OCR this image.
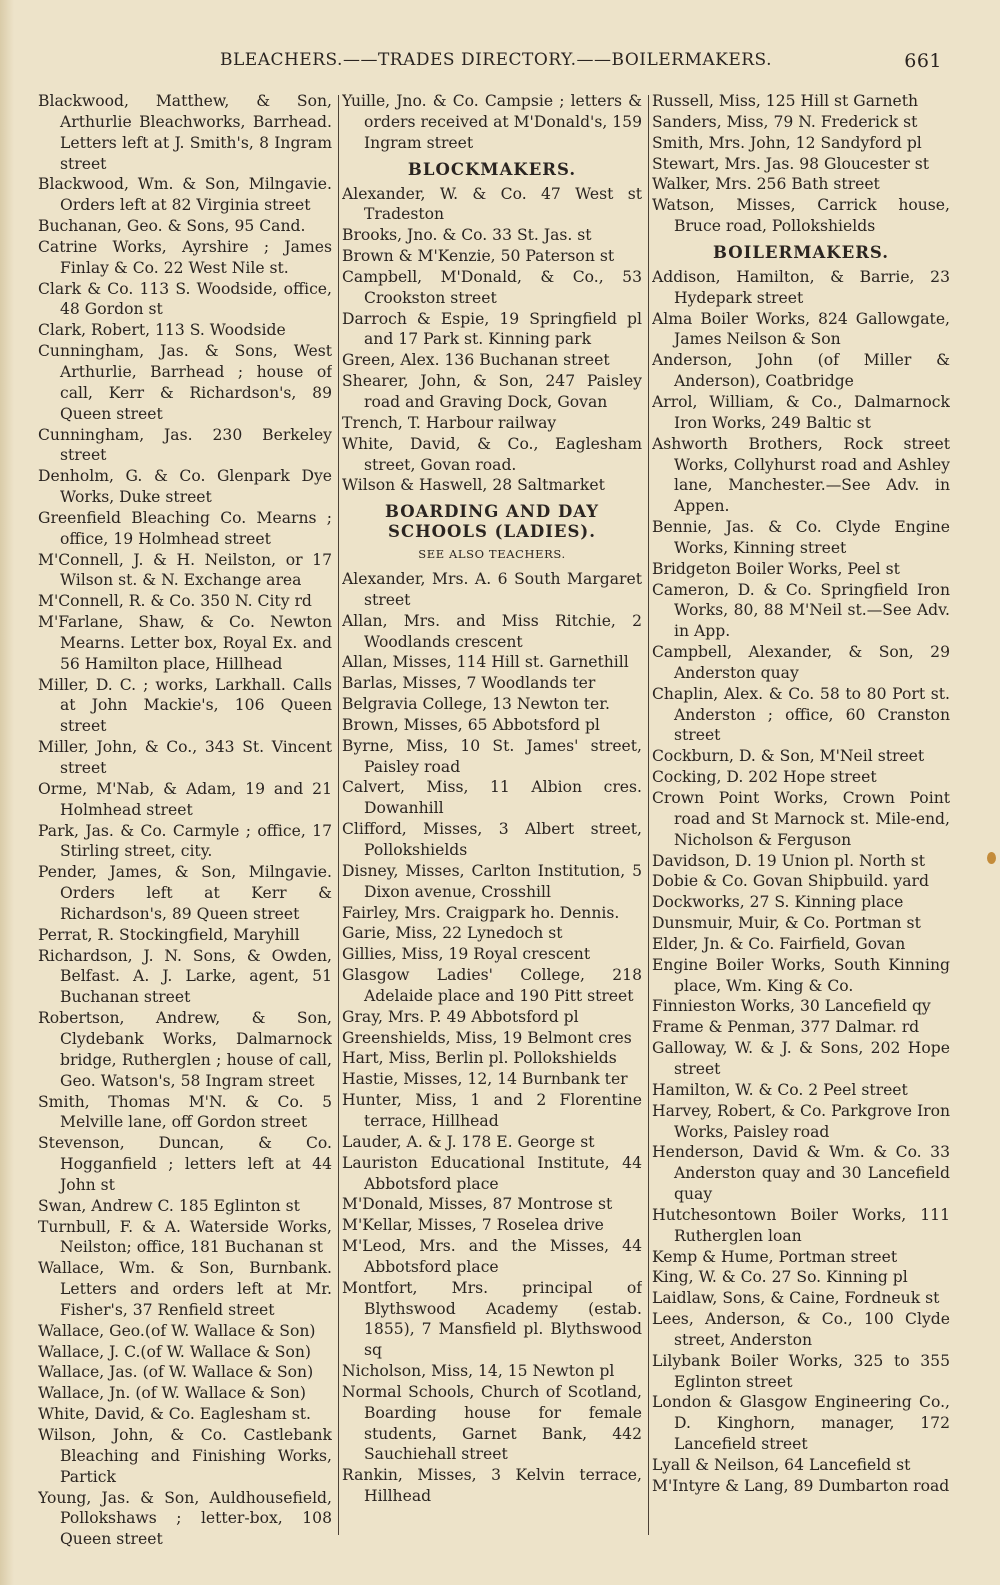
BLEACHERS.——TRADES DIRECTORY.——BOILERMAKERS.	661

Blackwood, Matthew, & Son, Arthurlie Bleachworks, Barrhead. Letters left at J. Smith's, 8 Ingram street

Blackwood, Wm. & Son, Milngavie. Orders left at 82 Virginia street

Buchanan, Geo. & Sons, 95 Cand.

Catrine Works, Ayrshire ; James Finlay & Co. 22 West Nile st.

Clark & Co. 113 S. Woodside, office, 48 Gordon st

Clark, Robert, 113 S. Woodside

Cunningham, Jas. & Sons, West Arthurlie, Barrhead ; house of call, Kerr & Richardson's, 89 Queen street

Cunningham, Jas. 230 Berkeley street

Denholm, G. & Co. Glenpark Dye Works, Duke street

Greenfield Bleaching Co. Mearns ; office, 19 Holmhead street

M'Connell, J. & H. Neilston, or 17 Wilson st. & N. Exchange area

M'Connell, R. & Co. 350 N. City rd

M'Farlane, Shaw, & Co. Newton Mearns. Letter box, Royal Ex. and 56 Hamilton place, Hillhead

Miller, D. C. ; works, Larkhall. Calls at John Mackie's, 106 Queen street

Miller, John, & Co., 343 St. Vincent street

Orme, M'Nab, & Adam, 19 and 21 Holmhead street

Park, Jas. & Co. Carmyle ; office, 17 Stirling street, city.

Pender, James, & Son, Milngavie. Orders left at Kerr & Richardson's, 89 Queen street

Perrat, R. Stockingfield, Maryhill

Richardson, J. N. Sons, & Owden, Belfast. A. J. Larke, agent, 51 Buchanan street

Robertson, Andrew, & Son, Clydebank Works, Dalmarnock bridge, Rutherglen ; house of call, Geo. Watson's, 58 Ingram street

Smith, Thomas M'N. & Co. 5 Melville lane, off Gordon street

Stevenson, Duncan, & Co. Hogganfield ; letters left at 44 John st

Swan, Andrew C. 185 Eglinton st

Turnbull, F. & A. Waterside Works, Neilston; office, 181 Buchanan st

Wallace, Wm. & Son, Burnbank. Letters and orders left at Mr. Fisher's, 37 Renfield street

Wallace, Geo.(of W. Wallace & Son)

Wallace, J. C.(of W. Wallace & Son)

Wallace, Jas. (of W. Wallace & Son)

Wallace, Jn. (of W. Wallace & Son)

White, David, & Co. Eaglesham st.

Wilson, John, & Co. Castlebank Bleaching and Finishing Works, Partick

Young, Jas. & Son, Auldhousefield, Pollokshaws ; letter-box, 108 Queen street

Yuille, Jno. & Co. Campsie ; letters & orders received at M'Donald's, 159 Ingram street

BLOCKMAKERS.

Alexander, W. & Co. 47 West st Tradeston

Brooks, Jno. & Co. 33 St. Jas. st

Brown & M'Kenzie, 50 Paterson st

Campbell, M'Donald, & Co., 53 Crookston street

Darroch & Espie, 19 Springfield pl and 17 Park st. Kinning park

Green, Alex. 136 Buchanan street

Shearer, John, & Son, 247 Paisley road and Graving Dock, Govan

Trench, T. Harbour railway

White, David, & Co., Eaglesham street, Govan road.

Wilson & Haswell, 28 Saltmarket

BOARDING AND DAY SCHOOLS (LADIES).
SEE ALSO TEACHERS.

Alexander, Mrs. A. 6 South Margaret street

Allan, Mrs. and Miss Ritchie, 2 Woodlands crescent

Allan, Misses, 114 Hill st. Garnethill

Barlas, Misses, 7 Woodlands ter

Belgravia College, 13 Newton ter.

Brown, Misses, 65 Abbotsford pl

Byrne, Miss, 10 St. James' street, Paisley road

Calvert, Miss, 11 Albion cres. Dowanhill

Clifford, Misses, 3 Albert street, Pollokshields

Disney, Misses, Carlton Institution, 5 Dixon avenue, Crosshill

Fairley, Mrs. Craigpark ho. Dennis.

Garie, Miss, 22 Lynedoch st

Gillies, Miss, 19 Royal crescent

Glasgow Ladies' College, 218 Adelaide place and 190 Pitt street

Gray, Mrs. P. 49 Abbotsford pl

Greenshields, Miss, 19 Belmont cres

Hart, Miss, Berlin pl. Pollokshields

Hastie, Misses, 12, 14 Burnbank ter

Hunter, Miss, 1 and 2 Florentine terrace, Hillhead

Lauder, A. & J. 178 E. George st

Lauriston Educational Institute, 44 Abbotsford place

M'Donald, Misses, 87 Montrose st

M'Kellar, Misses, 7 Roselea drive

M'Leod, Mrs. and the Misses, 44 Abbotsford place

Montfort, Mrs. principal of Blythswood Academy (estab. 1855), 7 Mansfield pl. Blythswood sq

Nicholson, Miss, 14, 15 Newton pl

Normal Schools, Church of Scotland, Boarding house for female students, Garnet Bank, 442 Sauchiehall street

Rankin, Misses, 3 Kelvin terrace, Hillhead

Russell, Miss, 125 Hill st Garneth

Sanders, Miss, 79 N. Frederick st

Smith, Mrs. John, 12 Sandyford pl

Stewart, Mrs. Jas. 98 Gloucester st

Walker, Mrs. 256 Bath street

Watson, Misses, Carrick house, Bruce road, Pollokshields

BOILERMAKERS.

Addison, Hamilton, & Barrie, 23 Hydepark street

Alma Boiler Works, 824 Gallowgate, James Neilson & Son

Anderson, John (of Miller & Anderson), Coatbridge

Arrol, William, & Co., Dalmarnock Iron Works, 249 Baltic st

Ashworth Brothers, Rock street Works, Collyhurst road and Ashley lane, Manchester.—See Adv. in Appen.

Bennie, Jas. & Co. Clyde Engine Works, Kinning street

Bridgeton Boiler Works, Peel st

Cameron, D. & Co. Springfield Iron Works, 80, 88 M'Neil st.—See Adv. in App.

Campbell, Alexander, & Son, 29 Anderston quay

Chaplin, Alex. & Co. 58 to 80 Port st. Anderston ; office, 60 Cranston street

Cockburn, D. & Son, M'Neil street

Cocking, D. 202 Hope street

Crown Point Works, Crown Point road and St Marnock st. Mile-end, Nicholson & Ferguson

Davidson, D. 19 Union pl. North st

Dobie & Co. Govan Shipbuild. yard

Dockworks, 27 S. Kinning place

Dunsmuir, Muir, & Co. Portman st

Elder, Jn. & Co. Fairfield, Govan

Engine Boiler Works, South Kinning place, Wm. King & Co.

Finnieston Works, 30 Lancefield qy

Frame & Penman, 377 Dalmar. rd

Galloway, W. & J. & Sons, 202 Hope street

Hamilton, W. & Co. 2 Peel street

Harvey, Robert, & Co. Parkgrove Iron Works, Paisley road

Henderson, David & Wm. & Co. 33 Anderston quay and 30 Lancefield quay

Hutchesontown Boiler Works, 111 Rutherglen loan

Kemp & Hume, Portman street

King, W. & Co. 27 So. Kinning pl

Laidlaw, Sons, & Caine, Fordneuk st

Lees, Anderson, & Co., 100 Clyde street, Anderston

Lilybank Boiler Works, 325 to 355 Eglinton street

London & Glasgow Engineering Co., D. Kinghorn, manager, 172 Lancefield street

Lyall & Neilson, 64 Lancefield st

M'Intyre & Lang, 89 Dumbarton road
